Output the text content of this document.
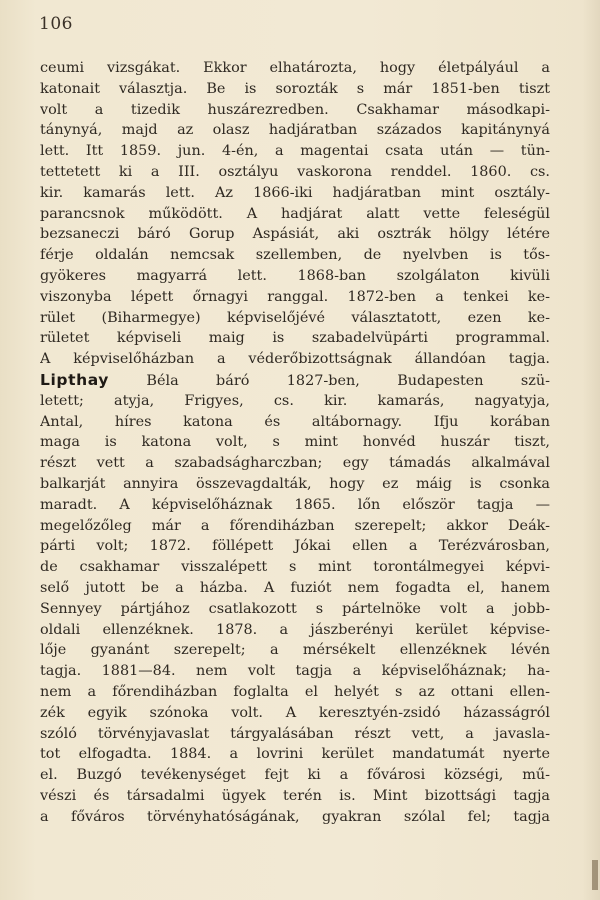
106
ceumi vizsgákat. Ekkor elhatározta, hogy életpályául a
katonait választja. Be is sorozták s már 1851-ben tiszt
volt a tizedik huszárezredben. Csakhamar másodkapi-
tánynyá, majd az olasz hadjáratban százados kapitánynyá
lett. Itt 1859. jun. 4-én, a magentai csata után — tün-
tettetett ki a III. osztályu vaskorona renddel. 1860. cs.
kir. kamarás lett. Az 1866-iki hadjáratban mint osztály-
parancsnok működött. A hadjárat alatt vette feleségül
bezsaneczi báró Gorup Aspásiát, aki osztrák hölgy létére
férje oldalán nemcsak szellemben, de nyelvben is tős-
gyökeres magyarrá lett. 1868-ban szolgálaton kivüli
viszonyba lépett őrnagyi ranggal. 1872-ben a tenkei ke-
rület (Biharmegye) képviselőjévé választatott, ezen ke-
rületet képviseli maig is szabadelvüpárti programmal.
A képviselőházban a véderőbizottságnak állandóan tagja.
Lipthay Béla báró 1827-ben, Budapesten szü-
letett; atyja, Frigyes, cs. kir. kamarás, nagyatyja,
Antal, híres katona és altábornagy. Ifju korában
maga is katona volt, s mint honvéd huszár tiszt,
részt vett a szabadságharczban; egy támadás alkalmával
balkarját annyira összevagdalták, hogy ez máig is csonka
maradt. A képviselőháznak 1865. lőn először tagja —
megelőzőleg már a főrendiházban szerepelt; akkor Deák-
párti volt; 1872. föllépett Jókai ellen a Terézvárosban,
de csakhamar visszalépett s mint torontálmegyei képvi-
selő jutott be a házba. A fuziót nem fogadta el, hanem
Sennyey pártjához csatlakozott s pártelnöke volt a jobb-
oldali ellenzéknek. 1878. a jászberényi kerület képvise-
lője gyanánt szerepelt; a mérsékelt ellenzéknek lévén
tagja. 1881—84. nem volt tagja a képviselőháznak; ha-
nem a főrendiházban foglalta el helyét s az ottani ellen-
zék egyik szónoka volt. A keresztyén-zsidó házasságról
szóló törvényjavaslat tárgyalásában részt vett, a javasla-
tot elfogadta. 1884. a lovrini kerület mandatumát nyerte
el. Buzgó tevékenységet fejt ki a fővárosi községi, mű-
vészi és társadalmi ügyek terén is. Mint bizottsági tagja
a főváros törvényhatóságának, gyakran szólal fel; tagja
